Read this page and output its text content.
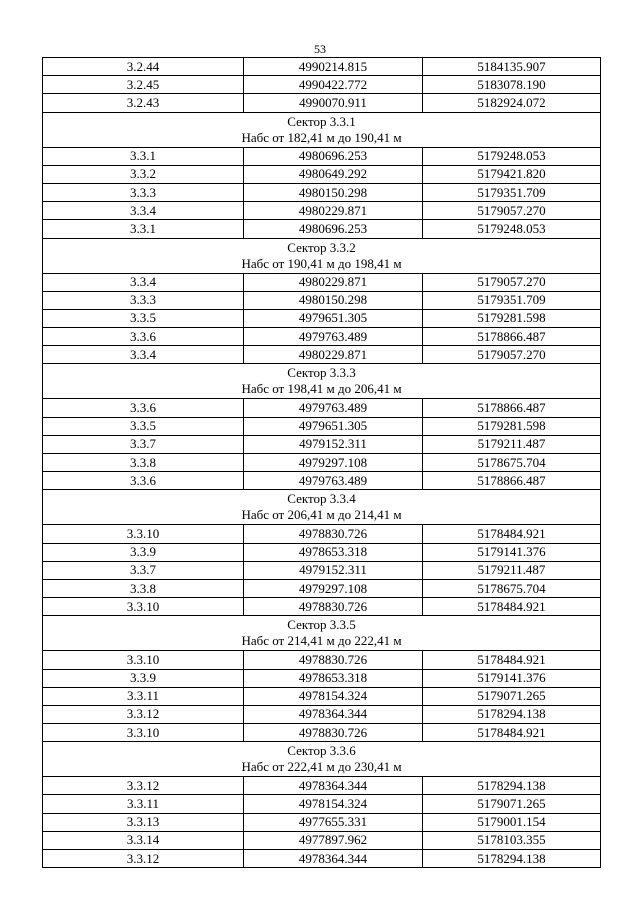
53
3.2.44	4990214.815	5184135.907
3.2.45	4990422.772	5183078.190
3.2.43	4990070.911	5182924.072

Сектор 3.3.1
Набс от 182,41 м до 190,41 м		

3.3.1	4980696.253	5179248.053
3.3.2	4980649.292	5179421.820
3.3.3	4980150.298	5179351.709
3.3.4	4980229.871	5179057.270
3.3.1	4980696.253	5179248.053

Сектор 3.3.2
Набс от 190,41 м до 198,41 м		

3.3.4	4980229.871	5179057.270
3.3.3	4980150.298	5179351.709
3.3.5	4979651.305	5179281.598
3.3.6	4979763.489	5178866.487
3.3.4	4980229.871	5179057.270

Сектор 3.3.3
Набс от 198,41 м до 206,41 м		

3.3.6	4979763.489	5178866.487
3.3.5	4979651.305	5179281.598
3.3.7	4979152.311	5179211.487
3.3.8	4979297.108	5178675.704
3.3.6	4979763.489	5178866.487

Сектор 3.3.4
Набс от 206,41 м до 214,41 м		

3.3.10	4978830.726	5178484.921
3.3.9	4978653.318	5179141.376
3.3.7	4979152.311	5179211.487
3.3.8	4979297.108	5178675.704
3.3.10	4978830.726	5178484.921

Сектор 3.3.5
Набс от 214,41 м до 222,41 м		

3.3.10	4978830.726	5178484.921
3.3.9	4978653.318	5179141.376
3.3.11	4978154.324	5179071.265
3.3.12	4978364.344	5178294.138
3.3.10	4978830.726	5178484.921

Сектор 3.3.6
Набс от 222,41 м до 230,41 м		

3.3.12	4978364.344	5178294.138
3.3.11	4978154.324	5179071.265
3.3.13	4977655.331	5179001.154
3.3.14	4977897.962	5178103.355
3.3.12	4978364.344	5178294.138
